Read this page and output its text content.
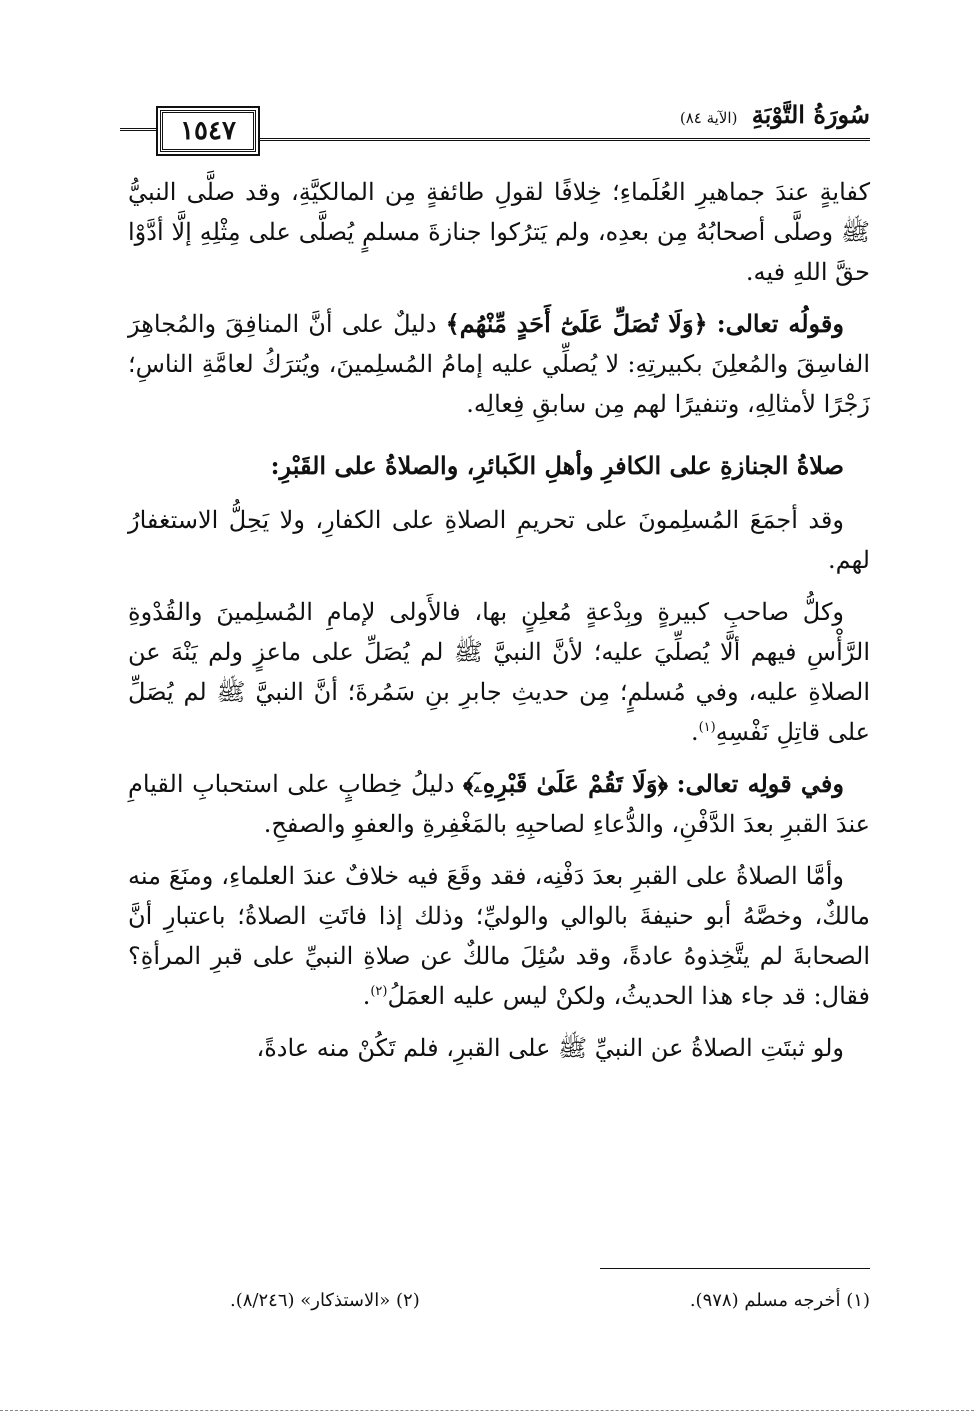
١٥٤٧
سُورَةُ التَّوْبَةِ (الآية ٨٤)

كفايةٍ عندَ جماهيرِ العُلَماءِ؛ خِلافًا لقولِ طائفةٍ مِن المالكيَّةِ، وقد صلَّى النبيُّ ﷺ وصلَّى أصحابُهُ مِن بعدِه، ولم يَترُكوا جنازةَ مسلمٍ يُصلَّى على مِثْلِهِ إلَّا أدَّوْا حقَّ اللهِ فيه.

وقولُه تعالى: ﴿وَلَا تُصَلِّ عَلَىٰٓ أَحَدٍ مِّنْهُم﴾ دليلٌ على أنَّ المنافِقَ والمُجاهِرَ الفاسِقَ والمُعلِنَ بكبيرتِهِ: لا يُصلِّي عليه إمامُ المُسلِمينَ، ويُترَكُ لعامَّةِ الناسِ؛ زَجْرًا لأمثالِهِ، وتنفيرًا لهم مِن سابقِ فِعالِه.

صلاةُ الجنازةِ على الكافرِ وأهلِ الكَبائرِ، والصلاةُ على القَبْرِ:

وقد أجمَعَ المُسلِمونَ على تحريمِ الصلاةِ على الكفارِ، ولا يَحِلُّ الاستغفارُ لهم.

وكلُّ صاحبِ كبيرةٍ وبِدْعةٍ مُعلِنٍ بها، فالأَولى لإمامِ المُسلِمينَ والقُدْوةِ الرَّأْسِ فيهم ألَّا يُصلِّيَ عليه؛ لأنَّ النبيَّ ﷺ لم يُصَلِّ على ماعزٍ ولم يَنْهَ عن الصلاةِ عليه، وفي مُسلمٍ؛ مِن حديثِ جابرِ بنِ سَمُرةَ؛ أنَّ النبيَّ ﷺ لم يُصَلِّ على قاتِلِ نَفْسِهِ$^{(١)}$.

وفي قولِه تعالى: ﴿وَلَا تَقُمْ عَلَىٰ قَبْرِهِۦٓ﴾ دليلُ خِطابٍ على استحبابِ القيامِ عندَ القبرِ بعدَ الدَّفْنِ، والدُّعاءِ لصاحبِهِ بالمَغْفِرةِ والعفوِ والصفحِ.

وأمَّا الصلاةُ على القبرِ بعدَ دَفْنِه، فقد وقَعَ فيه خلافٌ عندَ العلماءِ، ومنَعَ منه مالكٌ، وخصَّهُ أبو حنيفةَ بالوالي والوليِّ؛ وذلك إذا فاتَتِ الصلاةُ؛ باعتبارِ أنَّ الصحابةَ لم يتَّخِذوهُ عادةً، وقد سُئِلَ مالكٌ عن صلاةِ النبيِّ على قبرِ المرأةِ؟ فقال: قد جاء هذا الحديثُ، ولكنْ ليس عليه العمَلُ$^{(٢)}$.

ولو ثبتَتِ الصلاةُ عن النبيِّ ﷺ على القبرِ، فلم تَكُنْ منه عادةً،

(١) أخرجه مسلم (٩٧٨).
(٢) «الاستذكار» (٨/٢٤٦).
